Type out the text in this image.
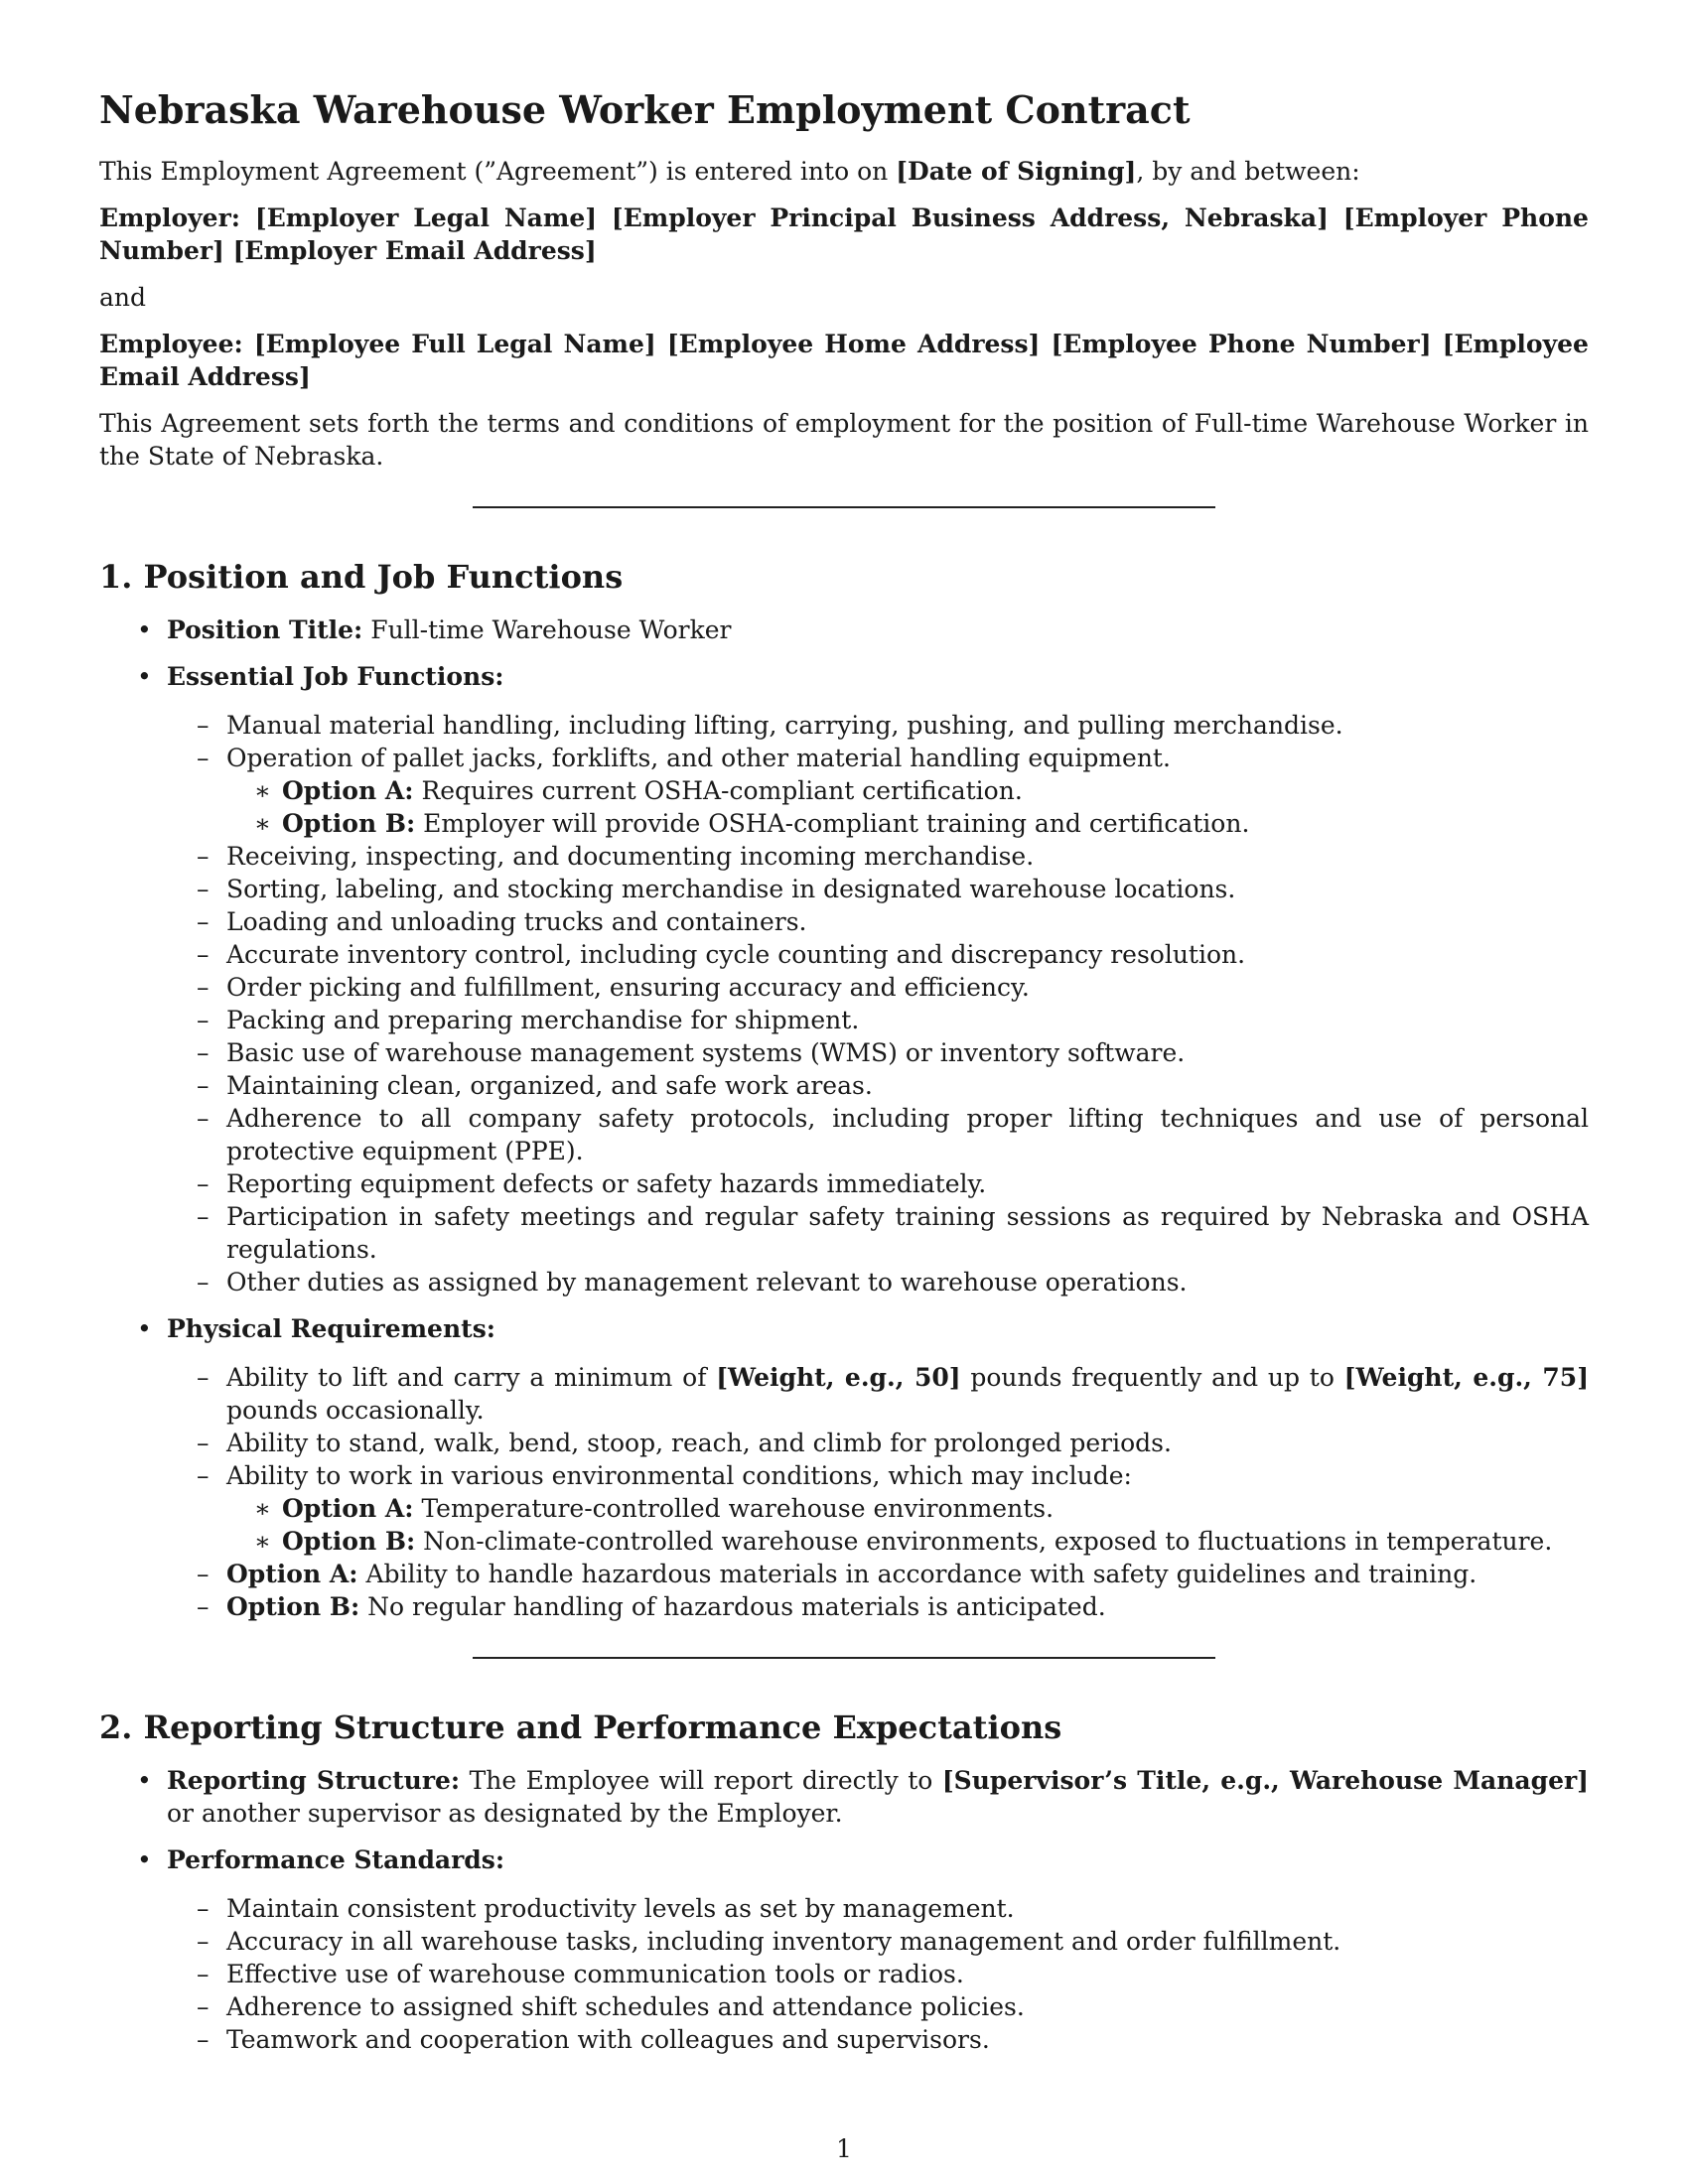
Nebraska Warehouse Worker Employment Contract

This Employment Agreement (”Agreement”) is entered into on [Date of Signing], by and between:

Employer: [Employer Legal Name] [Employer Principal Business Address, Nebraska] [Employer Phone Number] [Employer Email Address]

and

Employee: [Employee Full Legal Name] [Employee Home Address] [Employee Phone Number] [Employee Email Address]

This Agreement sets forth the terms and conditions of employment for the position of Full-time Warehouse Worker in the State of Nebraska.

1. Position and Job Functions
• Position Title: Full-time Warehouse Worker
• Essential Job Functions:
– Manual material handling, including lifting, carrying, pushing, and pulling merchandise.
– Operation of pallet jacks, forklifts, and other material handling equipment.
∗ Option A: Requires current OSHA-compliant certification.
∗ Option B: Employer will provide OSHA-compliant training and certification.
– Receiving, inspecting, and documenting incoming merchandise.
– Sorting, labeling, and stocking merchandise in designated warehouse locations.
– Loading and unloading trucks and containers.
– Accurate inventory control, including cycle counting and discrepancy resolution.
– Order picking and fulfillment, ensuring accuracy and efficiency.
– Packing and preparing merchandise for shipment.
– Basic use of warehouse management systems (WMS) or inventory software.
– Maintaining clean, organized, and safe work areas.
– Adherence to all company safety protocols, including proper lifting techniques and use of personal protective equipment (PPE).
– Reporting equipment defects or safety hazards immediately.
– Participation in safety meetings and regular safety training sessions as required by Nebraska and OSHA regulations.
– Other duties as assigned by management relevant to warehouse operations.
• Physical Requirements:
– Ability to lift and carry a minimum of [Weight, e.g., 50] pounds frequently and up to [Weight, e.g., 75] pounds occasionally.
– Ability to stand, walk, bend, stoop, reach, and climb for prolonged periods.
– Ability to work in various environmental conditions, which may include:
∗ Option A: Temperature-controlled warehouse environments.
∗ Option B: Non-climate-controlled warehouse environments, exposed to fluctuations in temperature.
– Option A: Ability to handle hazardous materials in accordance with safety guidelines and training.
– Option B: No regular handling of hazardous materials is anticipated.
2. Reporting Structure and Performance Expectations
• Reporting Structure: The Employee will report directly to [Supervisor’s Title, e.g., Warehouse Manager] or another supervisor as designated by the Employer.
• Performance Standards:
– Maintain consistent productivity levels as set by management.
– Accuracy in all warehouse tasks, including inventory management and order fulfillment.
– Effective use of warehouse communication tools or radios.
– Adherence to assigned shift schedules and attendance policies.
– Teamwork and cooperation with colleagues and supervisors.
1
